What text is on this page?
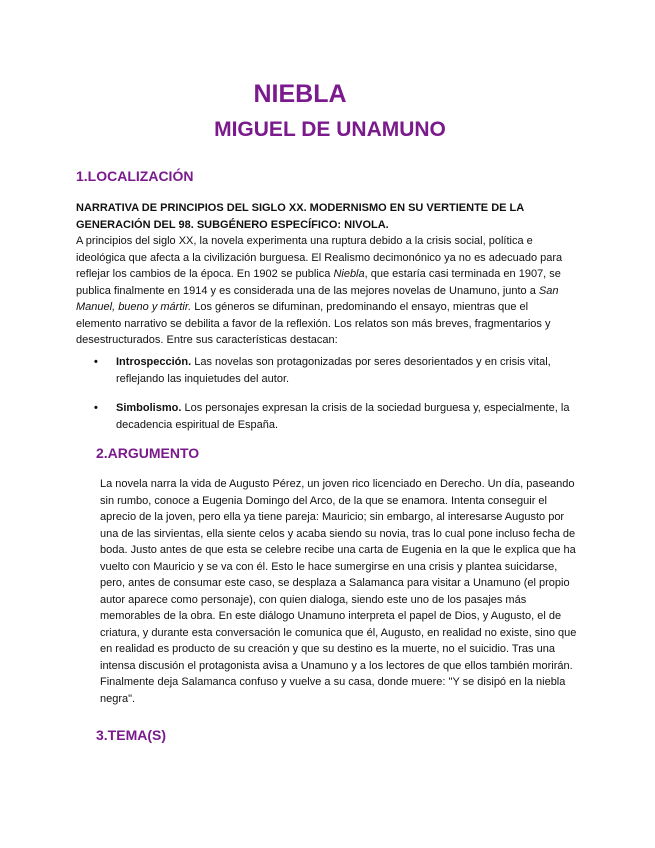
NIEBLA
MIGUEL DE UNAMUNO
1.LOCALIZACIÓN

NARRATIVA DE PRINCIPIOS DEL SIGLO XX. MODERNISMO EN SU VERTIENTE DE LA GENERACIÓN DEL 98. SUBGÉNERO ESPECÍFICO: NIVOLA.

A principios del siglo XX, la novela experimenta una ruptura debido a la crisis social, política e ideológica que afecta a la civilización burguesa. El Realismo decimonónico ya no es adecuado para reflejar los cambios de la época. En 1902 se publica Niebla, que estaría casi terminada en 1907, se publica finalmente en 1914 y es considerada una de las mejores novelas de Unamuno, junto a San Manuel, bueno y mártir. Los géneros se difuminan, predominando el ensayo, mientras que el elemento narrativo se debilita a favor de la reflexión. Los relatos son más breves, fragmentarios y desestructurados. Entre sus características destacan:

• Introspección. Las novelas son protagonizadas por seres desorientados y en crisis vital, reflejando las inquietudes del autor.
• Simbolismo. Los personajes expresan la crisis de la sociedad burguesa y, especialmente, la decadencia espiritual de España.
2.ARGUMENTO

La novela narra la vida de Augusto Pérez, un joven rico licenciado en Derecho. Un día, paseando sin rumbo, conoce a Eugenia Domingo del Arco, de la que se enamora. Intenta conseguir el aprecio de la joven, pero ella ya tiene pareja: Mauricio; sin embargo, al interesarse Augusto por una de las sirvientas, ella siente celos y acaba siendo su novia, tras lo cual pone incluso fecha de boda. Justo antes de que esta se celebre recibe una carta de Eugenia en la que le explica que ha vuelto con Mauricio y se va con él. Esto le hace sumergirse en una crisis y plantea suicidarse, pero, antes de consumar este caso, se desplaza a Salamanca para visitar a Unamuno (el propio autor aparece como personaje), con quien dialoga, siendo este uno de los pasajes más memorables de la obra. En este diálogo Unamuno interpreta el papel de Dios, y Augusto, el de criatura, y durante esta conversación le comunica que él, Augusto, en realidad no existe, sino que en realidad es producto de su creación y que su destino es la muerte, no el suicidio. Tras una intensa discusión el protagonista avisa a Unamuno y a los lectores de que ellos también morirán. Finalmente deja Salamanca confuso y vuelve a su casa, donde muere: "Y se disipó en la niebla negra".

3.TEMA(S)
